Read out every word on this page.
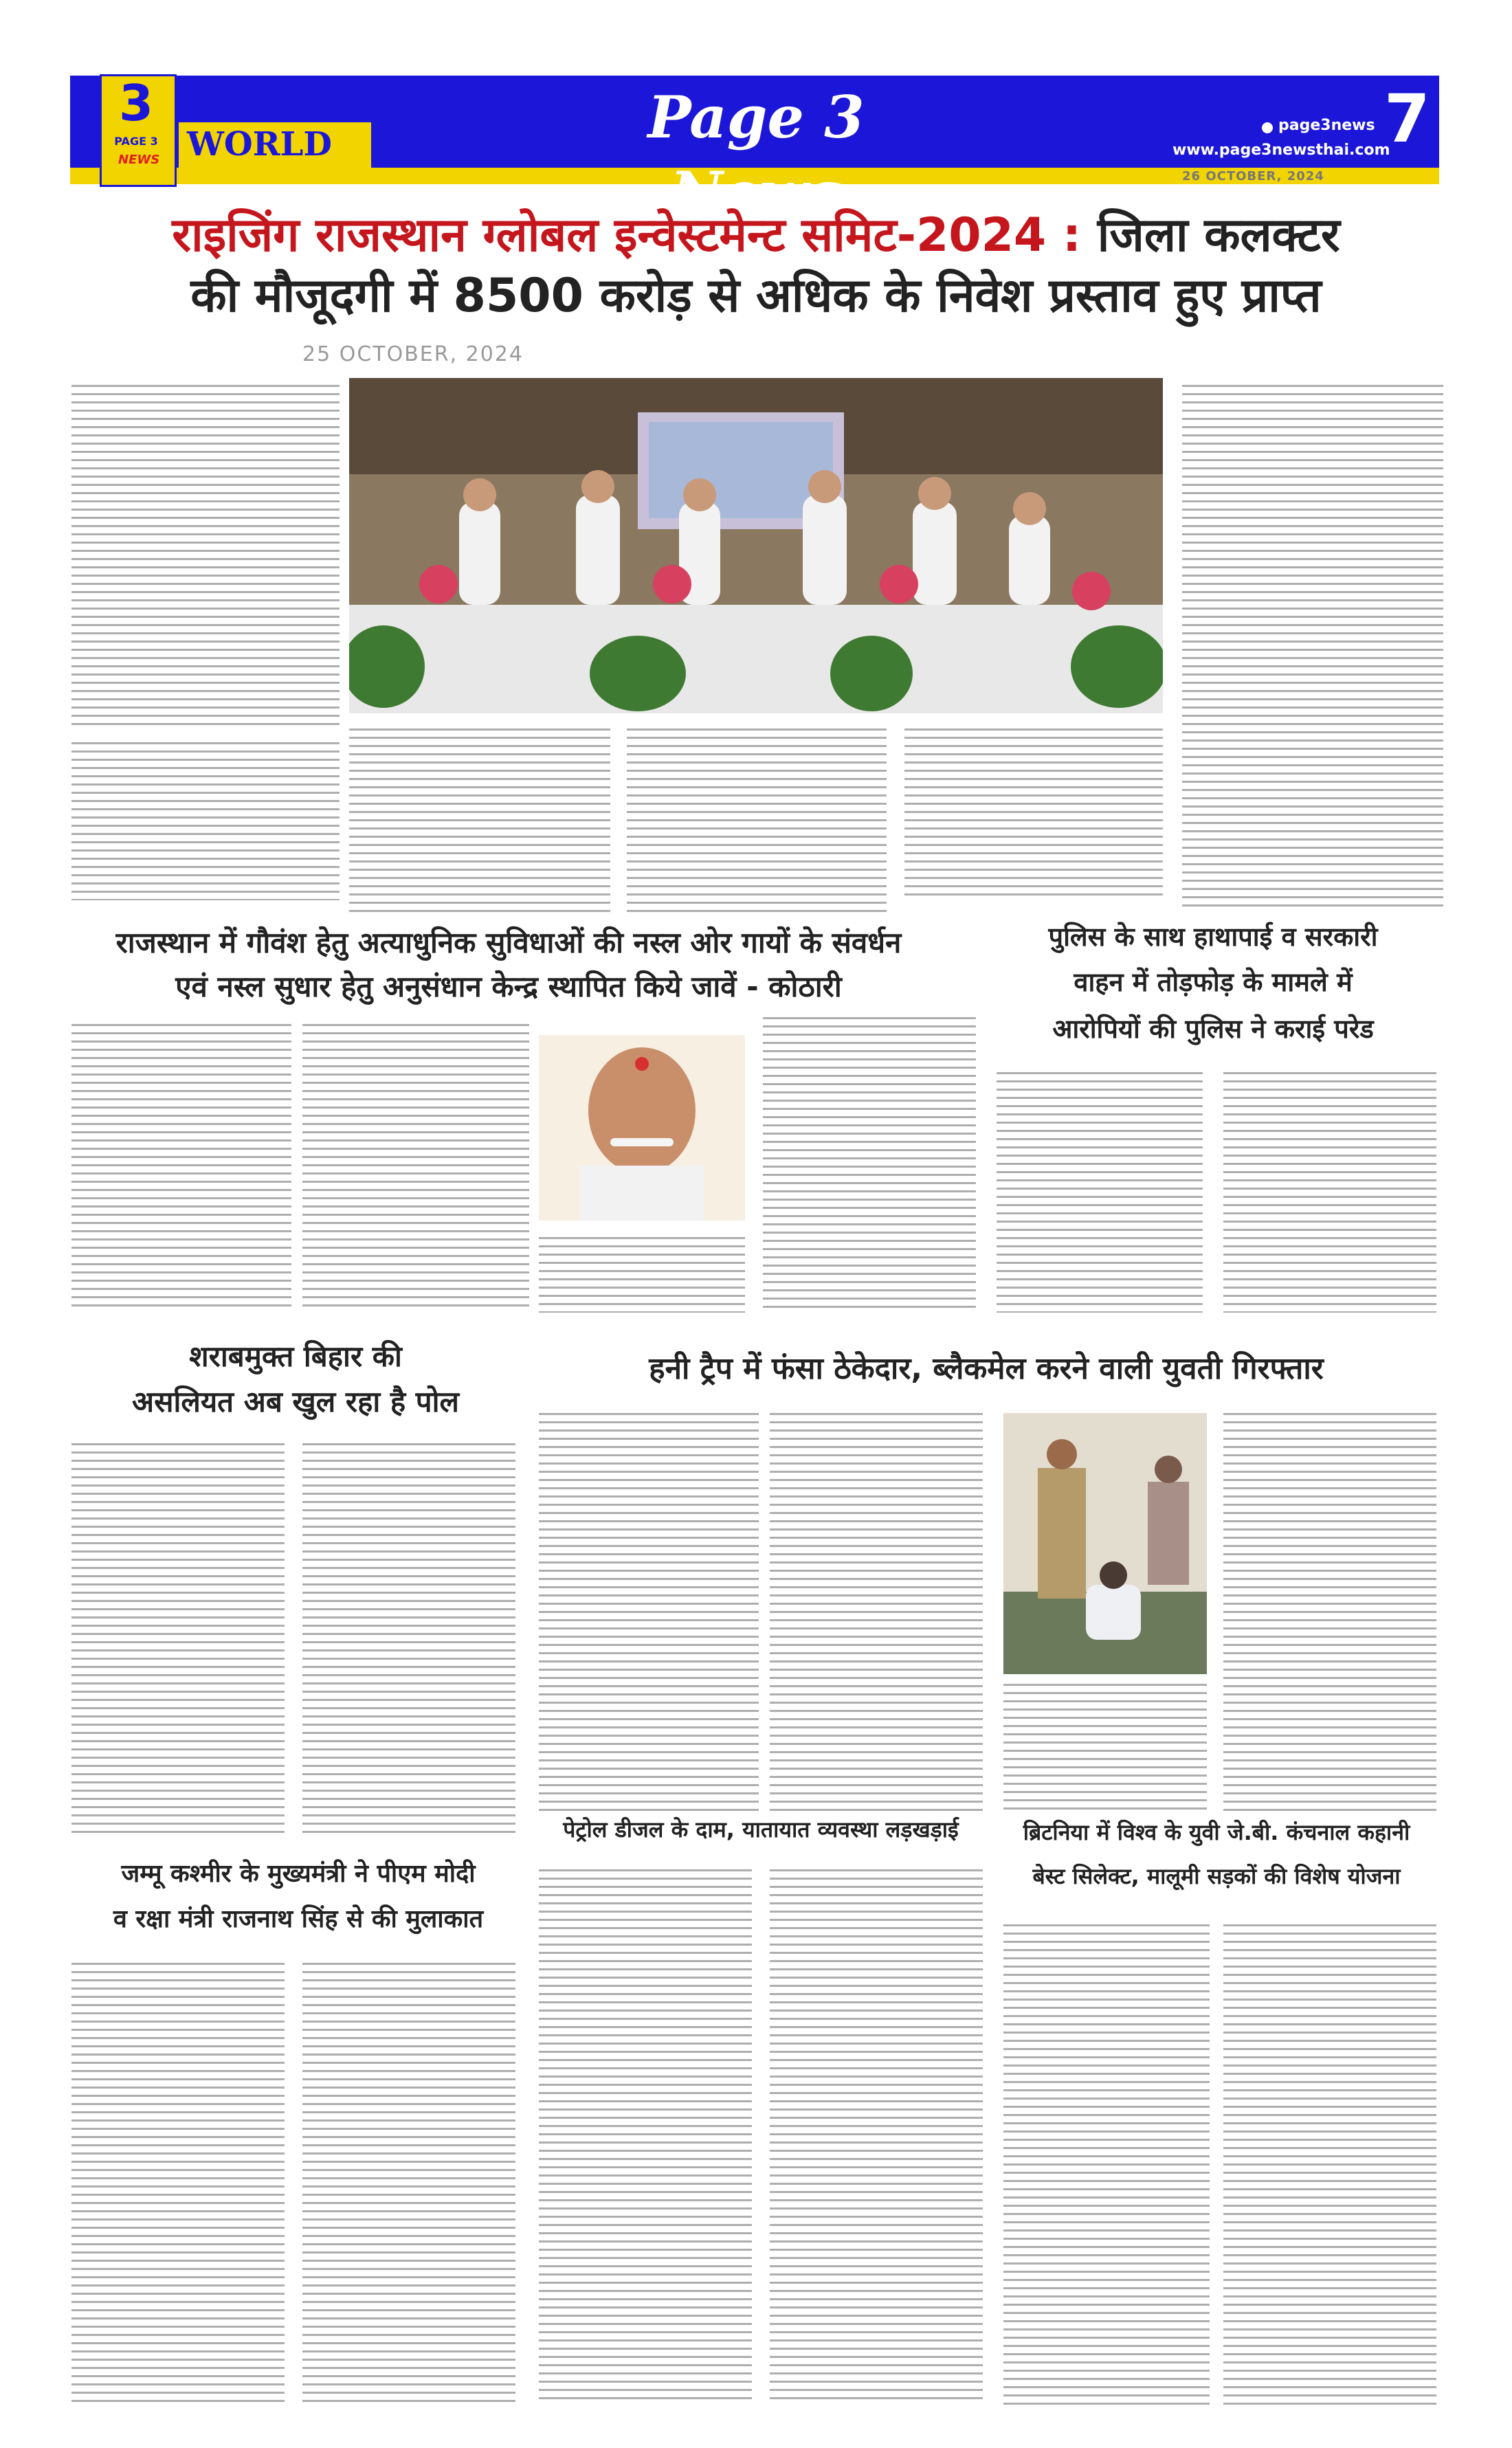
3
PAGE 3
NEWS WORLD	Page 3 News
page3news
www.page3newsthai.com
7
26 OCTOBER, 2024
राइजिंग राजस्थान ग्लोबल इन्वेस्टमेन्ट समिट-2024 : जिला कलक्टर
की मौजूदगी में 8500 करोड़ से अधिक के निवेश प्रस्ताव हुए प्राप्त
25 OCTOBER, 2024
राजस्थान में गौवंश हेतु अत्याधुनिक सुविधाओं की नस्ल ओर गायों के संवर्धन
एवं नस्ल सुधार हेतु अनुसंधान केन्द्र स्थापित किये जावें - कोठारी
पुलिस के साथ हाथापाई व सरकारी
वाहन में तोड़फोड़ के मामले में
आरोपियों की पुलिस ने कराई परेड
हनी ट्रैप में फंसा ठेकेदार, ब्लैकमेल करने वाली युवती गिरफ्तार
शराबमुक्त बिहार की
असलियत अब खुल रहा है पोल
जम्मू कश्मीर के मुख्यमंत्री ने पीएम मोदी
व रक्षा मंत्री राजनाथ सिंह से की मुलाकात
पेट्रोल डीजल के दाम, यातायात व्यवस्था लड़खड़ाई	ब्रिटनिया में विश्व के युवी जे.बी. कंचनाल कहानी
बेस्ट सिलेक्ट, मालूमी सड़कों की विशेष योजना
